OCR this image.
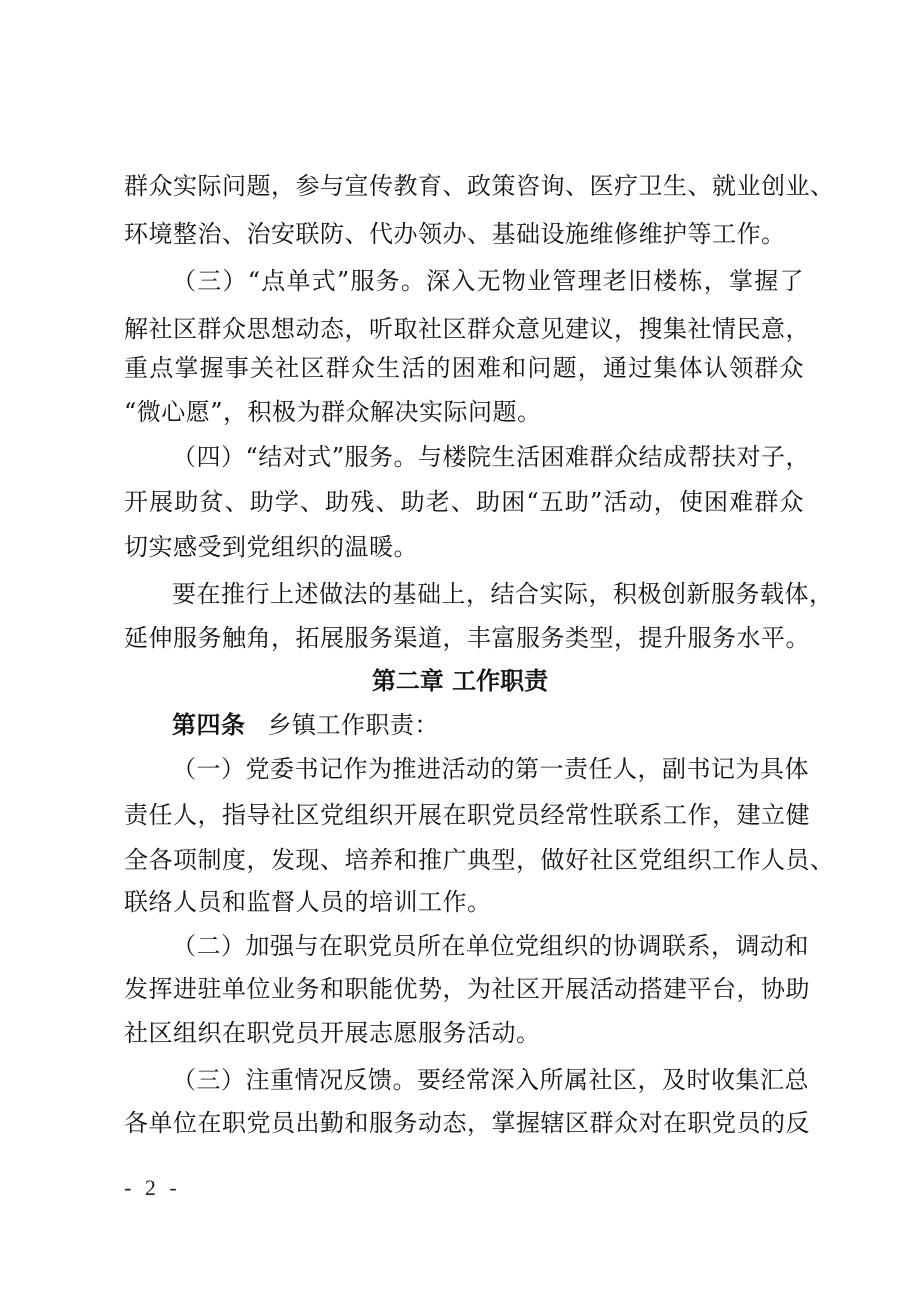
群众实际问题，参与宣传教育、政策咨询、医疗卫生、就业创业、
环境整治、治安联防、代办领办、基础设施维修维护等工作。
（三）“点单式”服务。深入无物业管理老旧楼栋，掌握了
解社区群众思想动态，听取社区群众意见建议，搜集社情民意，
重点掌握事关社区群众生活的困难和问题，通过集体认领群众
“微心愿”，积极为群众解决实际问题。
（四）“结对式”服务。与楼院生活困难群众结成帮扶对子，
开展助贫、助学、助残、助老、助困“五助”活动，使困难群众
切实感受到党组织的温暖。
要在推行上述做法的基础上，结合实际，积极创新服务载体，
延伸服务触角，拓展服务渠道，丰富服务类型，提升服务水平。
第二章 工作职责
第四条 乡镇工作职责：
（一）党委书记作为推进活动的第一责任人，副书记为具体
责任人，指导社区党组织开展在职党员经常性联系工作，建立健
全各项制度，发现、培养和推广典型，做好社区党组织工作人员、
联络人员和监督人员的培训工作。
（二）加强与在职党员所在单位党组织的协调联系，调动和
发挥进驻单位业务和职能优势，为社区开展活动搭建平台，协助
社区组织在职党员开展志愿服务活动。
（三）注重情况反馈。要经常深入所属社区，及时收集汇总
各单位在职党员出勤和服务动态，掌握辖区群众对在职党员的反
- 2 -
